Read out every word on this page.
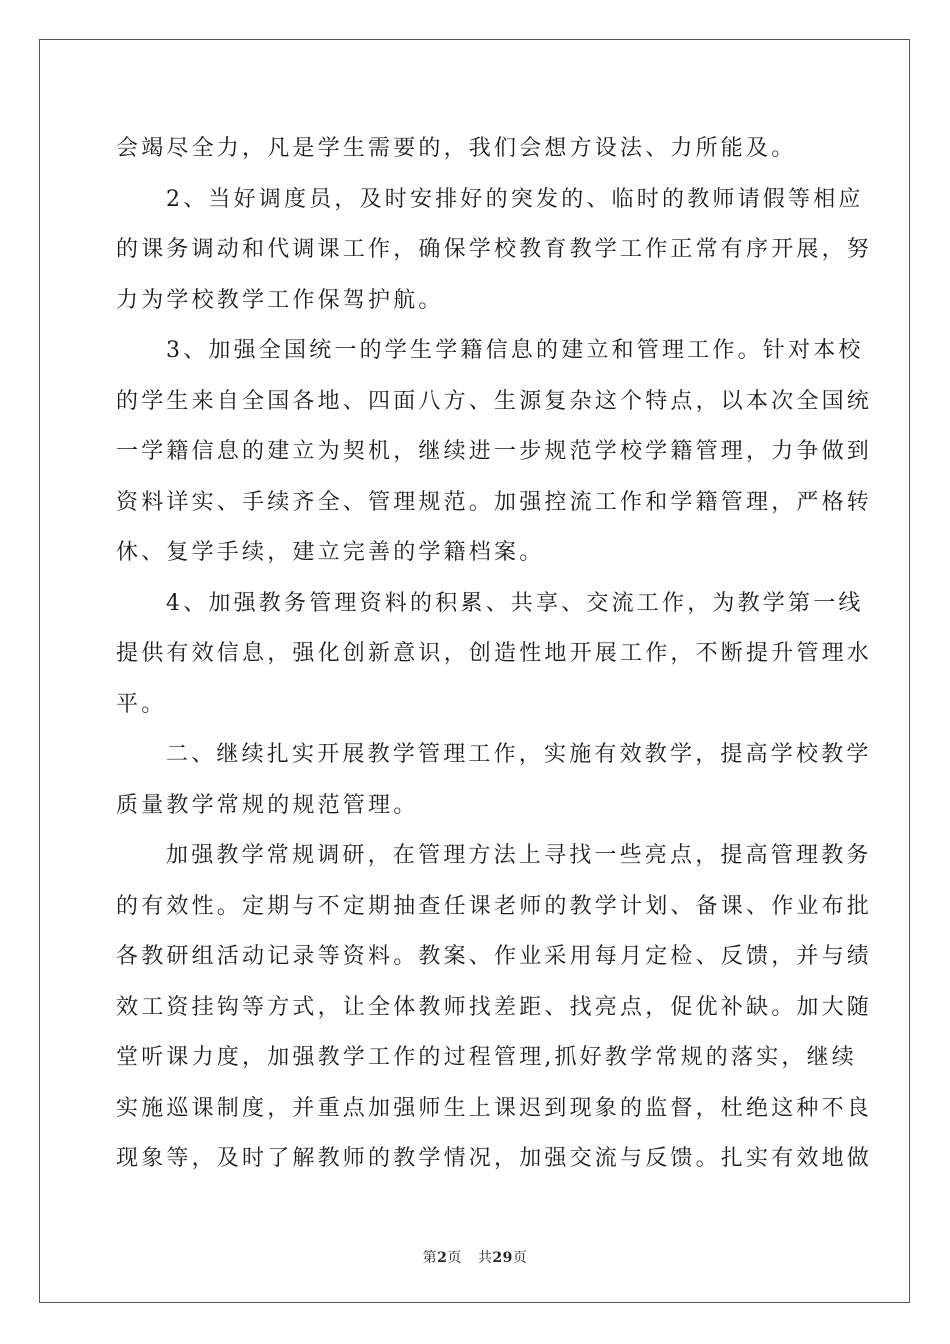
会竭尽全力，凡是学生需要的，我们会想方设法、力所能及。

2、当好调度员，及时安排好的突发的、临时的教师请假等相应
的课务调动和代调课工作，确保学校教育教学工作正常有序开展，努
力为学校教学工作保驾护航。

3、加强全国统一的学生学籍信息的建立和管理工作。针对本校
的学生来自全国各地、四面八方、生源复杂这个特点，以本次全国统
一学籍信息的建立为契机，继续进一步规范学校学籍管理，力争做到
资料详实、手续齐全、管理规范。加强控流工作和学籍管理，严格转
休、复学手续，建立完善的学籍档案。

4、加强教务管理资料的积累、共享、交流工作，为教学第一线
提供有效信息，强化创新意识，创造性地开展工作，不断提升管理水
平。

二、继续扎实开展教学管理工作，实施有效教学，提高学校教学
质量教学常规的规范管理。

加强教学常规调研，在管理方法上寻找一些亮点，提高管理教务
的有效性。定期与不定期抽查任课老师的教学计划、备课、作业布批
各教研组活动记录等资料。教案、作业采用每月定检、反馈，并与绩
效工资挂钩等方式，让全体教师找差距、找亮点，促优补缺。加大随
堂听课力度，加强教学工作的过程管理,抓好教学常规的落实，继续
实施巡课制度，并重点加强师生上课迟到现象的监督，杜绝这种不良
现象等，及时了解教师的教学情况，加强交流与反馈。扎实有效地做

第2页 共29页
